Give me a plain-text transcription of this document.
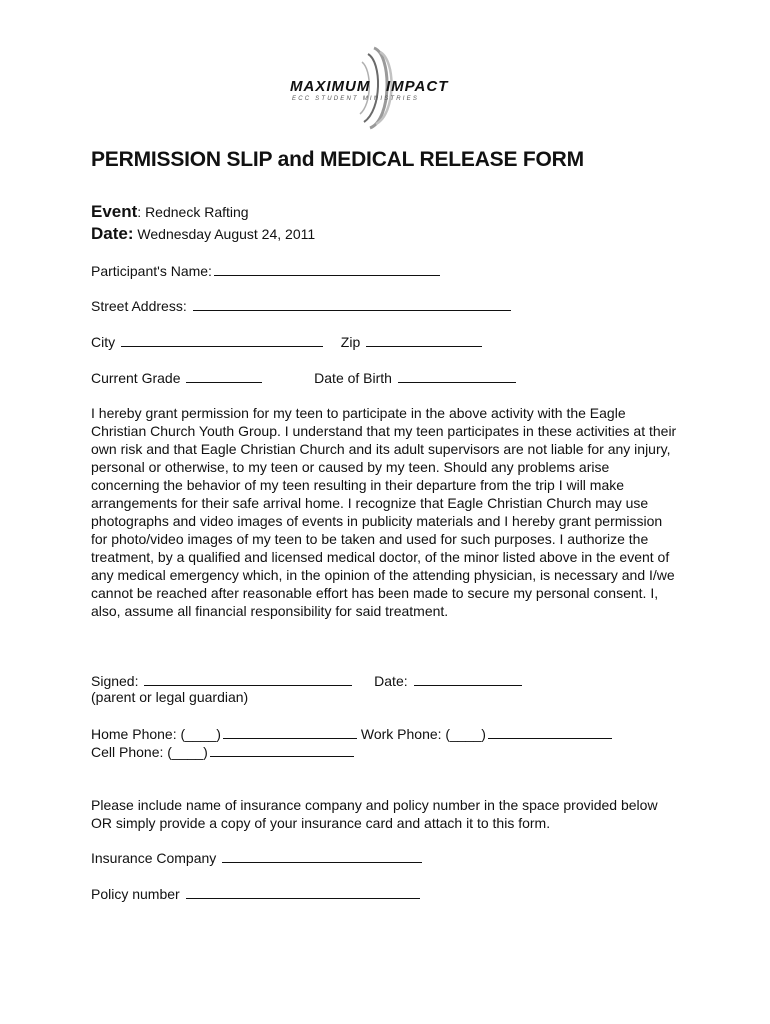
MAXIMUM IMPACT
ECC STUDENT MINISTRIES
PERMISSION SLIP and MEDICAL RELEASE FORM
Event: Redneck Rafting
Date: Wednesday August 24, 2011
Participant's Name:
Street Address:
City	Zip
Current Grade	Date of Birth

I hereby grant permission for my teen to participate in the above activity with the Eagle Christian Church Youth Group. I understand that my teen participates in these activities at their own risk and that Eagle Christian Church and its adult supervisors are not liable for any injury, personal or otherwise, to my teen or caused by my teen. Should any problems arise concerning the behavior of my teen resulting in their departure from the trip I will make arrangements for their safe arrival home. I recognize that Eagle Christian Church may use photographs and video images of events in publicity materials and I hereby grant permission for photo/video images of my teen to be taken and used for such purposes. I authorize the treatment, by a qualified and licensed medical doctor, of the minor listed above in the event of any medical emergency which, in the opinion of the attending physician, is necessary and I/we cannot be reached after reasonable effort has been made to secure my personal consent. I, also, assume all financial responsibility for said treatment.

Signed:	Date:
(parent or legal guardian)
Home Phone: (____)	Work Phone: (____)
Cell Phone: (____)

Please include name of insurance company and policy number in the space provided below OR simply provide a copy of your insurance card and attach it to this form.

Insurance Company
Policy number
